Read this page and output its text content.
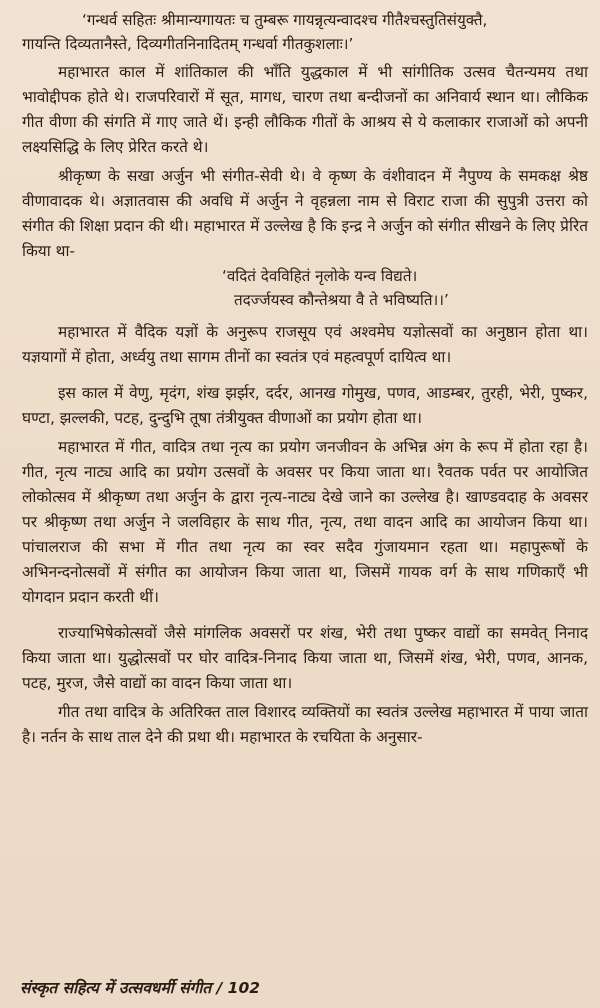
‘गन्धर्व सहितः श्रीमान्यगायतः च तुम्बरू गायन्नृत्यन्वादश्च गीतैश्चस्तुतिसंयुक्तै,

गायन्ति दिव्यतानैस्ते, दिव्यगीतनिनादितम् गन्धर्वा गीतकुशलाः।’

महाभारत काल में शांतिकाल की भाँति युद्धकाल में भी सांगीतिक उत्सव चैतन्यमय तथा भावोद्दीपक होते थे। राजपरिवारों में सूत, मागध, चारण तथा बन्दीजनों का अनिवार्य स्थान था। लौकिक गीत वीणा की संगति में गाए जाते थें। इन्ही लौकिक गीतों के आश्रय से ये कलाकार राजाओं को अपनी लक्ष्यसिद्धि के लिए प्रेरित करते थे।

श्रीकृष्ण के सखा अर्जुन भी संगीत-सेवी थे। वे कृष्ण के वंशीवादन में नैपुण्य के समकक्ष श्रेष्ठ वीणावादक थे। अज्ञातवास की अवधि में अर्जुन ने वृहन्नला नाम से विराट राजा की सुपुत्री उत्तरा को संगीत की शिक्षा प्रदान की थी। महाभारत में उल्लेख है कि इन्द्र ने अर्जुन को संगीत सीखने के लिए प्रेरित किया था-

‘वदितं देवविहितं नृलोके यन्व विद्यते।

तदर्ज्जयस्व कौन्तेश्रया वै ते भविष्यति।।’

महाभारत में वैदिक यज्ञों के अनुरूप राजसूय एवं अश्वमेघ यज्ञोत्सवों का अनुष्ठान होता था। यज्ञयागों में होता, अर्ध्वयु तथा सागम तीनों का स्वतंत्र एवं महत्वपूर्ण दायित्व था।

इस काल में वेणु, मृदंग, शंख झर्झर, दर्दर, आनख गोमुख, पणव, आडम्बर, तुरही, भेरी, पुष्कर, घण्टा, झल्लकी, पटह, दुन्दुभि तूषा तंत्रीयुक्त वीणाओं का प्रयोग होता था।

महाभारत में गीत, वादित्र तथा नृत्य का प्रयोग जनजीवन के अभिन्न अंग के रूप में होता रहा है। गीत, नृत्य नाट्य आदि का प्रयोग उत्सवों के अवसर पर किया जाता था। रैवतक पर्वत पर आयोजित लोकोत्सव में श्रीकृष्ण तथा अर्जुन के द्वारा नृत्य-नाट्य देखे जाने का उल्लेख है। खाण्डवदाह के अवसर पर श्रीकृष्ण तथा अर्जुन ने जलविहार के साथ गीत, नृत्य, तथा वादन आदि का आयोजन किया था। पांचालराज की सभा में गीत तथा नृत्य का स्वर सदैव गुंजायमान रहता था। महापुरूषों के अभिनन्दनोत्सवों में संगीत का आयोजन किया जाता था, जिसमें गायक वर्ग के साथ गणिकाएँ भी योगदान प्रदान करती थीं।

राज्याभिषेकोत्सवों जैसे मांगलिक अवसरों पर शंख, भेरी तथा पुष्कर वाद्यों का समवेत् निनाद किया जाता था। युद्धोत्सवों पर घोर वादित्र-निनाद किया जाता था, जिसमें शंख, भेरी, पणव, आनक, पटह, मुरज, जैसे वाद्यों का वादन किया जाता था।

गीत तथा वादित्र के अतिरिक्त ताल विशारद व्यक्तियों का स्वतंत्र उल्लेख महाभारत में पाया जाता है। नर्तन के साथ ताल देने की प्रथा थी। महाभारत के रचयिता के अनुसार-

संस्कृत सहित्य में उत्सवधर्मी संगीत / 102
